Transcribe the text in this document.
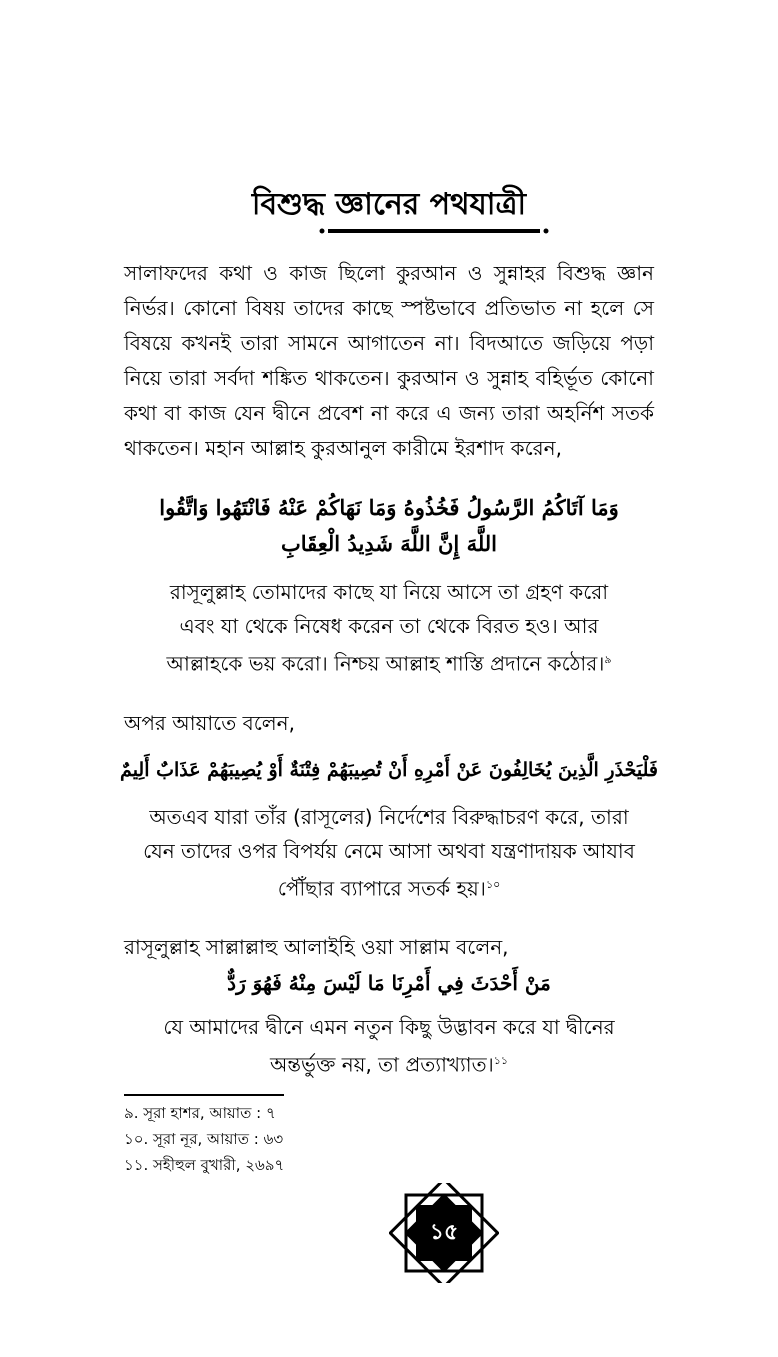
বিশুদ্ধ জ্ঞানের পথযাত্রী
সালাফদের কথা ও কাজ ছিলো কুরআন ও সুন্নাহর বিশুদ্ধ জ্ঞান নির্ভর। কোনো বিষয় তাদের কাছে স্পষ্টভাবে প্রতিভাত না হলে সে বিষয়ে কখনই তারা সামনে আগাতেন না। বিদআতে জড়িয়ে পড়া নিয়ে তারা সর্বদা শঙ্কিত থাকতেন। কুরআন ও সুন্নাহ বহির্ভূত কোনো কথা বা কাজ যেন দ্বীনে প্রবেশ না করে এ জন্য তারা অহর্নিশ সতর্ক থাকতেন। মহান আল্লাহ কুরআনুল কারীমে ইরশাদ করেন,
وَمَا آتَاكُمُ الرَّسُولُ فَخُذُوهُ وَمَا نَهَاكُمْ عَنْهُ فَانْتَهُوا وَاتَّقُوا
اللَّهَ إِنَّ اللَّهَ شَدِيدُ الْعِقَابِ
রাসূলুল্লাহ তোমাদের কাছে যা নিয়ে আসে তা গ্রহণ করো এবং যা থেকে নিষেধ করেন তা থেকে বিরত হও। আর আল্লাহকে ভয় করো। নিশ্চয় আল্লাহ শাস্তি প্রদানে কঠোর।$^৯$
অপর আয়াতে বলেন,
فَلْيَحْذَرِ الَّذِينَ يُخَالِفُونَ عَنْ أَمْرِهِ أَنْ تُصِيبَهُمْ فِتْنَةٌ أَوْ يُصِيبَهُمْ عَذَابٌ أَلِيمٌ
অতএব যারা তাঁর (রাসূলের) নির্দেশের বিরুদ্ধাচরণ করে, তারা যেন তাদের ওপর বিপর্যয় নেমে আসা অথবা যন্ত্রণাদায়ক আযাব পৌঁছার ব্যাপারে সতর্ক হয়।$^{১০}$
রাসূলুল্লাহ সাল্লাল্লাহু আলাইহি ওয়া সাল্লাম বলেন,
مَنْ أَحْدَثَ فِي أَمْرِنَا مَا لَيْسَ مِنْهُ فَهُوَ رَدٌّ
যে আমাদের দ্বীনে এমন নতুন কিছু উদ্ভাবন করে যা দ্বীনের অন্তর্ভুক্ত নয়, তা প্রত্যাখ্যাত।$^{১১}$
৯. সূরা হাশর, আয়াত : ৭
১০. সূরা নূর, আয়াত : ৬৩
১১. সহীহুল বুখারী, ২৬৯৭
১৫
